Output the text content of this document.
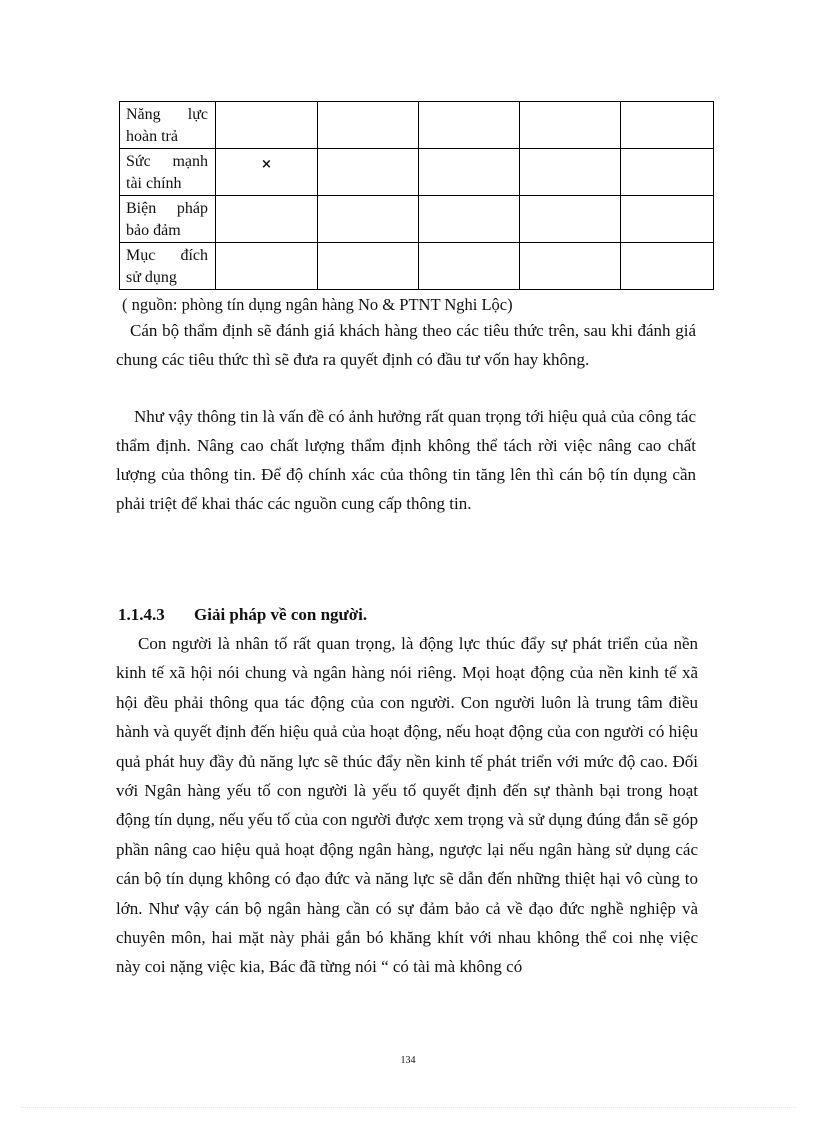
Năng lực
hoàn trả					

Sức mạnh
tài chính	×				

Biện pháp
bảo đảm					

Mục đích
sử dụng					

( nguồn: phòng tín dụng ngân hàng No & PTNT Nghi Lộc)

Cán bộ thẩm định sẽ đánh giá khách hàng theo các tiêu thức trên, sau khi đánh giá chung các tiêu thức thì sẽ đưa ra quyết định có đầu tư vốn hay không.

Như vậy thông tin là vấn đề có ảnh hưởng rất quan trọng tới hiệu quả của công tác thẩm định. Nâng cao chất lượng thẩm định không thể tách rời việc nâng cao chất lượng của thông tin. Để độ chính xác của thông tin tăng lên thì cán bộ tín dụng cần phải triệt để khai thác các nguồn cung cấp thông tin.

1.1.4.3 Giải pháp về con người.

Con người là nhân tố rất quan trọng, là động lực thúc đẩy sự phát triển của nền kinh tế xã hội nói chung và ngân hàng nói riêng. Mọi hoạt động của nền kinh tế xã hội đều phải thông qua tác động của con người. Con người luôn là trung tâm điều hành và quyết định đến hiệu quả của hoạt động, nếu hoạt động của con người có hiệu quả phát huy đầy đủ năng lực sẽ thúc đẩy nền kinh tế phát triển với mức độ cao. Đối với Ngân hàng yếu tố con người là yếu tố quyết định đến sự thành bại trong hoạt động tín dụng, nếu yếu tố của con người được xem trọng và sử dụng đúng đắn sẽ góp phần nâng cao hiệu quả hoạt động ngân hàng, ngược lại nếu ngân hàng sử dụng các cán bộ tín dụng không có đạo đức và năng lực sẽ dẫn đến những thiệt hại vô cùng to lớn. Như vậy cán bộ ngân hàng cần có sự đảm bảo cả về đạo đức nghề nghiệp và chuyên môn, hai mặt này phải gắn bó khăng khít với nhau không thể coi nhẹ việc này coi nặng việc kia, Bác đã từng nói “ có tài mà không có

134
